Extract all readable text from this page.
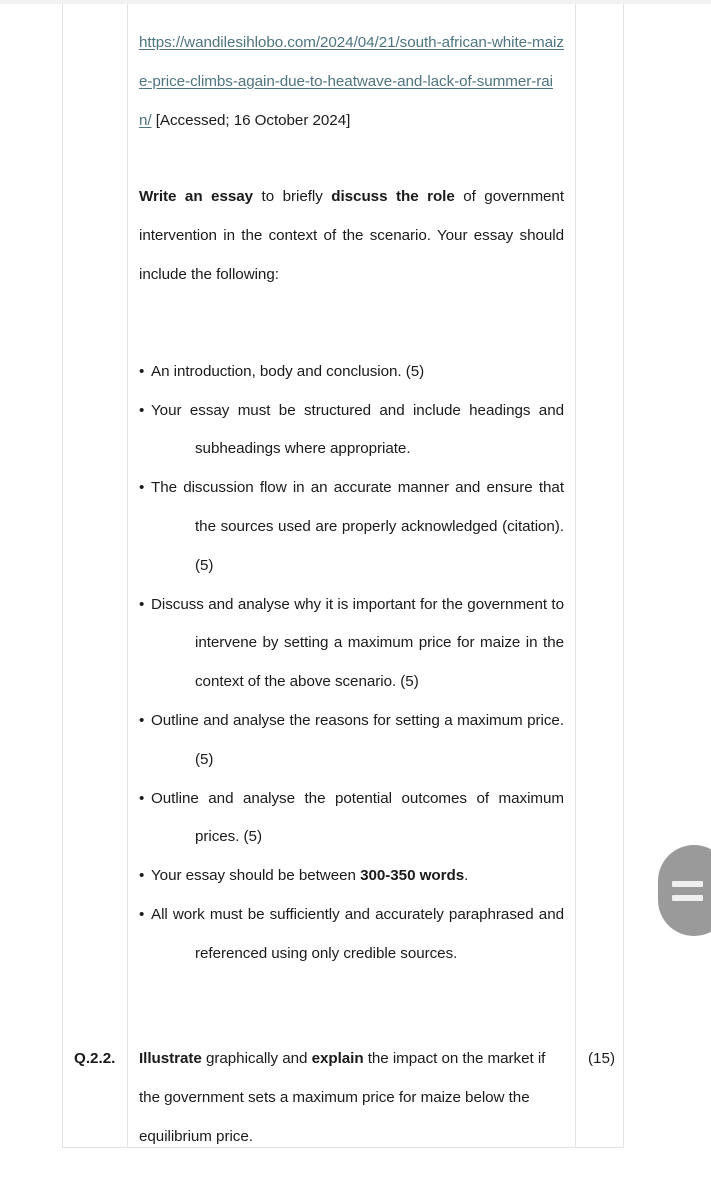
Q.2.2.

https://wandilesihlobo.com/2024/04/21/south-african-white-maize-price-climbs-again-due-to-heatwave-and-lack-of-summer-rain/ [Accessed; 16 October 2024]

Write an essay to briefly discuss the role of government intervention in the context of the scenario. Your essay should include the following:

• An introduction, body and conclusion. (5)
• Your essay must be structured and include headings and subheadings where appropriate.
• The discussion flow in an accurate manner and ensure that the sources used are properly acknowledged (citation). (5)
• Discuss and analyse why it is important for the government to intervene by setting a maximum price for maize in the context of the above scenario. (5)
• Outline and analyse the reasons for setting a maximum price. (5)
• Outline and analyse the potential outcomes of maximum prices. (5)
• Your essay should be between 300-350 words.
• All work must be sufficiently and accurately paraphrased and referenced using only credible sources.

Illustrate graphically and explain the impact on the market if the government sets a maximum price for maize below the equilibrium price.

(15)
